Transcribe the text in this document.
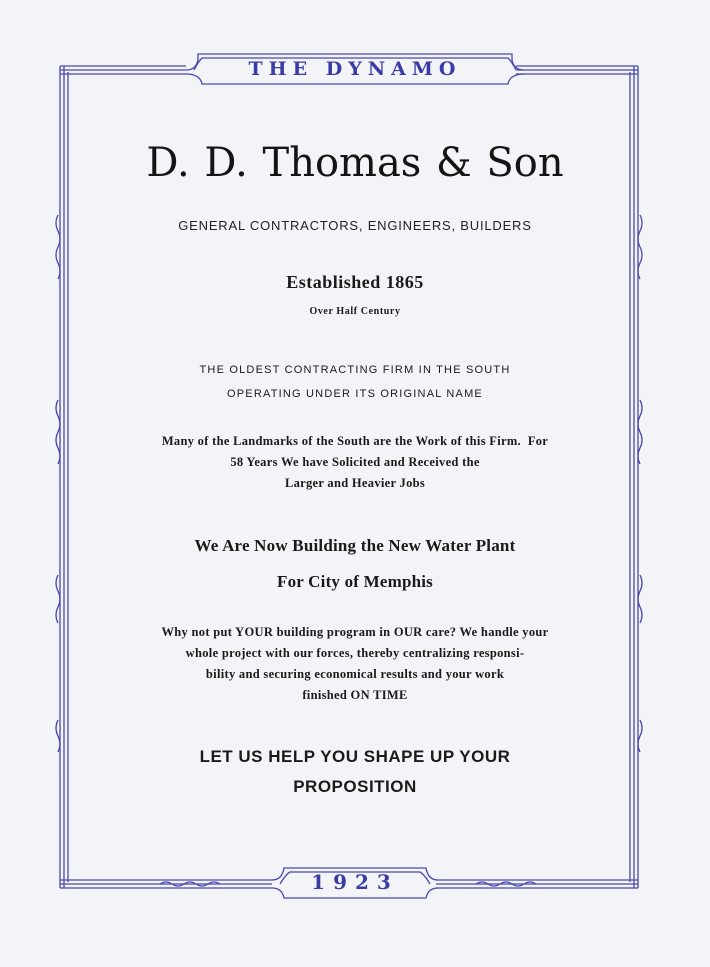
THE DYNAMO
1923
D. D. Thomas & Son
GENERAL CONTRACTORS, ENGINEERS, BUILDERS
Established 1865
Over Half Century
THE OLDEST CONTRACTING FIRM IN THE SOUTH
OPERATING UNDER ITS ORIGINAL NAME
Many of the Landmarks of the South are the Work of this Firm.  For
58 Years We have Solicited and Received the
Larger and Heavier Jobs
We Are Now Building the New Water Plant
For City of Memphis
Why not put YOUR building program in OUR care? We handle your
whole project with our forces, thereby centralizing responsi-
bility and securing economical results and your work
finished ON TIME
LET US HELP YOU SHAPE UP YOUR
PROPOSITION
